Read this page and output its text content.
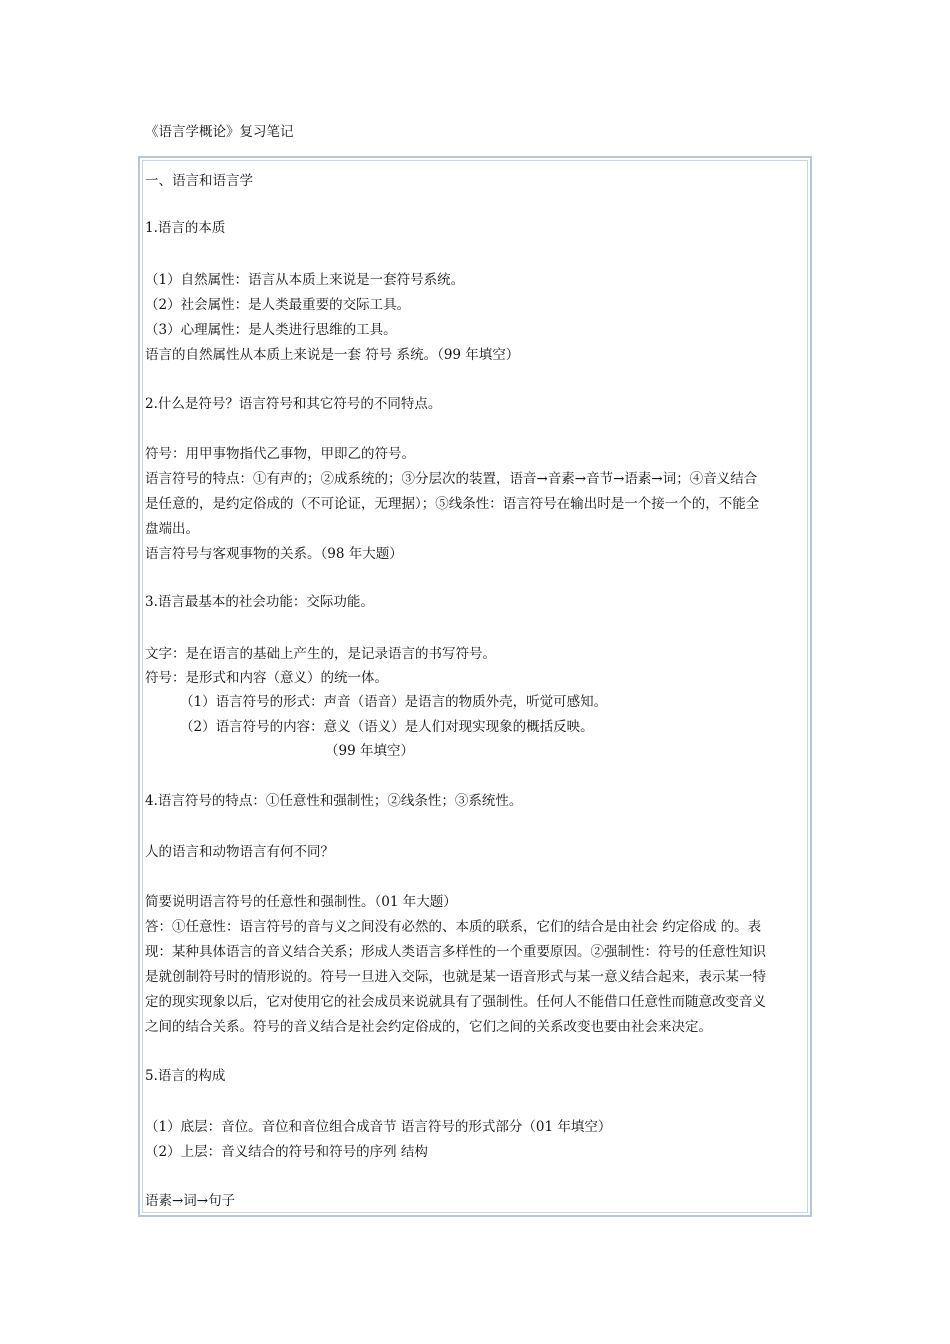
《语言学概论》复习笔记
一、语言和语言学
1.语言的本质
（1）自然属性：语言从本质上来说是一套符号系统。
（2）社会属性：是人类最重要的交际工具。
（3）心理属性：是人类进行思维的工具。
语言的自然属性从本质上来说是一套 符号 系统。（99 年填空）
2.什么是符号？语言符号和其它符号的不同特点。
符号：用甲事物指代乙事物，甲即乙的符号。
语言符号的特点：①有声的；②成系统的；③分层次的装置，语音→音素→音节→语素→词；④音义结合
是任意的，是约定俗成的（不可论证，无理据）；⑤线条性：语言符号在输出时是一个接一个的，不能全
盘端出。
语言符号与客观事物的关系。（98 年大题）
3.语言最基本的社会功能：交际功能。
文字：是在语言的基础上产生的，是记录语言的书写符号。
符号：是形式和内容（意义）的统一体。
（1）语言符号的形式：声音（语音）是语言的物质外壳，听觉可感知。
（2）语言符号的内容：意义（语义）是人们对现实现象的概括反映。
（99 年填空）
4.语言符号的特点：①任意性和强制性；②线条性；③系统性。
人的语言和动物语言有何不同？
简要说明语言符号的任意性和强制性。（01 年大题）
答：①任意性：语言符号的音与义之间没有必然的、本质的联系，它们的结合是由社会 约定俗成 的。表
现：某种具体语言的音义结合关系；形成人类语言多样性的一个重要原因。②强制性：符号的任意性知识
是就创制符号时的情形说的。符号一旦进入交际，也就是某一语音形式与某一意义结合起来，表示某一特
定的现实现象以后，它对使用它的社会成员来说就具有了强制性。任何人不能借口任意性而随意改变音义
之间的结合关系。符号的音义结合是社会约定俗成的，它们之间的关系改变也要由社会来决定。
5.语言的构成
（1）底层：音位。音位和音位组合成音节 语言符号的形式部分（01 年填空）
（2）上层：音义结合的符号和符号的序列 结构
语素→词→句子
